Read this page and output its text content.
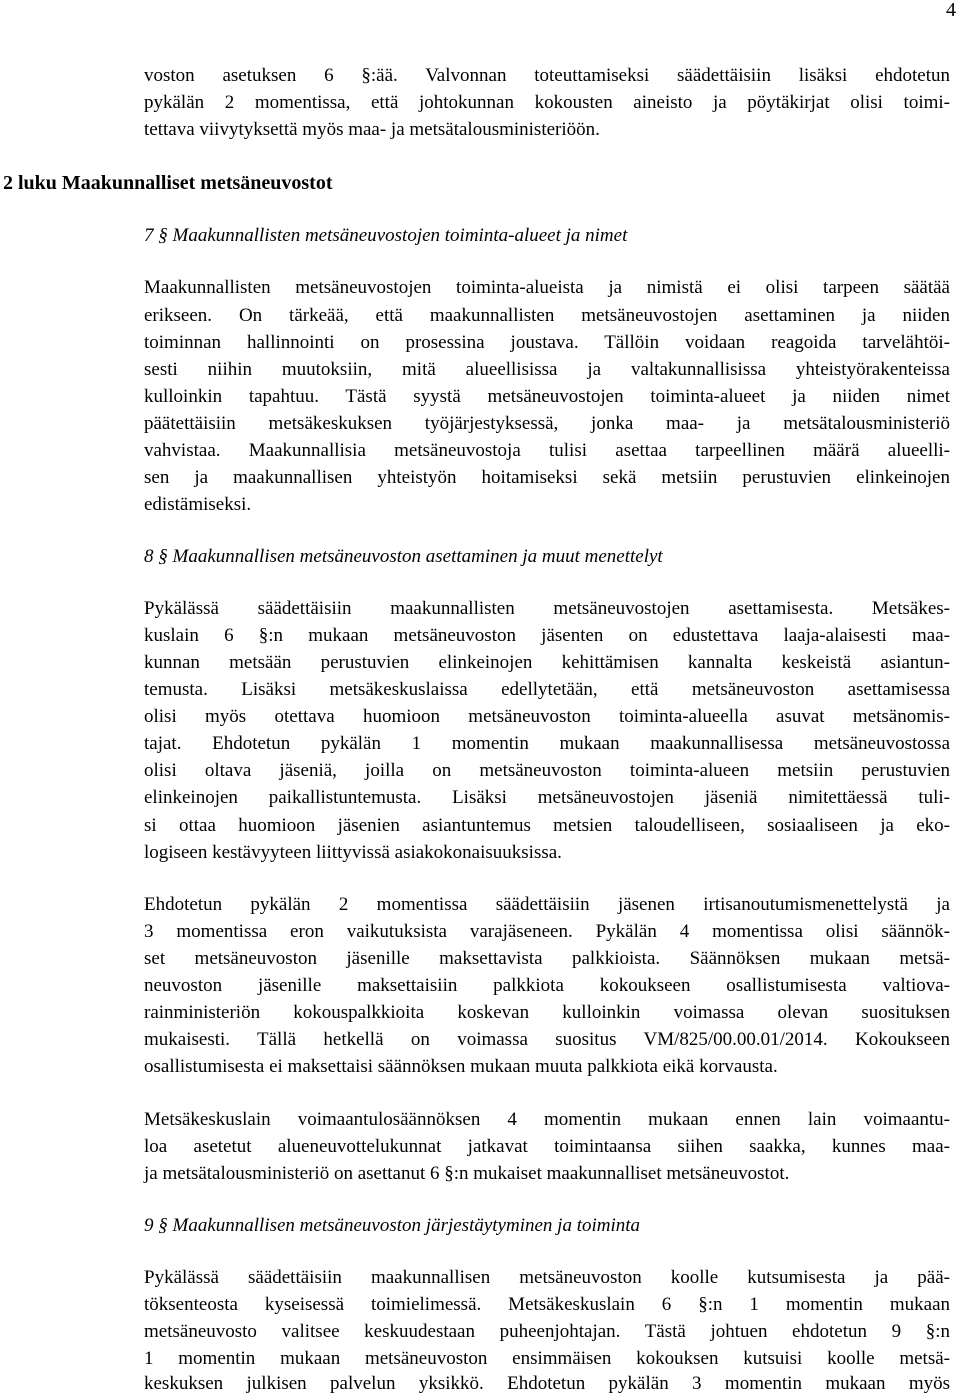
4
voston asetuksen 6 §:ää. Valvonnan toteuttamiseksi säädettäisiin lisäksi ehdotetun
pykälän 2 momentissa, että johtokunnan kokousten aineisto ja pöytäkirjat olisi toimi-
tettava viivytyksettä myös maa- ja metsätalousministeriöön.
2 luku Maakunnalliset metsäneuvostot
7 § Maakunnallisten metsäneuvostojen toiminta-alueet ja nimet
Maakunnallisten metsäneuvostojen toiminta-alueista ja nimistä ei olisi tarpeen säätää
erikseen. On tärkeää, että maakunnallisten metsäneuvostojen asettaminen ja niiden
toiminnan hallinnointi on prosessina joustava. Tällöin voidaan reagoida tarvelähtöi-
sesti niihin muutoksiin, mitä alueellisissa ja valtakunnallisissa yhteistyörakenteissa
kulloinkin tapahtuu. Tästä syystä metsäneuvostojen toiminta-alueet ja niiden nimet
päätettäisiin metsäkeskuksen työjärjestyksessä, jonka maa- ja metsätalousministeriö
vahvistaa. Maakunnallisia metsäneuvostoja tulisi asettaa tarpeellinen määrä alueelli-
sen ja maakunnallisen yhteistyön hoitamiseksi sekä metsiin perustuvien elinkeinojen
edistämiseksi.
8 § Maakunnallisen metsäneuvoston asettaminen ja muut menettelyt
Pykälässä säädettäisiin maakunnallisten metsäneuvostojen asettamisesta. Metsäkes-
kuslain 6 §:n mukaan metsäneuvoston jäsenten on edustettava laaja-alaisesti maa-
kunnan metsään perustuvien elinkeinojen kehittämisen kannalta keskeistä asiantun-
temusta. Lisäksi metsäkeskuslaissa edellytetään, että metsäneuvoston asettamisessa
olisi myös otettava huomioon metsäneuvoston toiminta-alueella asuvat metsänomis-
tajat. Ehdotetun pykälän 1 momentin mukaan maakunnallisessa metsäneuvostossa
olisi oltava jäseniä, joilla on metsäneuvoston toiminta-alueen metsiin perustuvien
elinkeinojen paikallistuntemusta. Lisäksi metsäneuvostojen jäseniä nimitettäessä tuli-
si ottaa huomioon jäsenien asiantuntemus metsien taloudelliseen, sosiaaliseen ja eko-
logiseen kestävyyteen liittyvissä asiakokonaisuuksissa.
Ehdotetun pykälän 2 momentissa säädettäisiin jäsenen irtisanoutumismenettelystä ja
3 momentissa eron vaikutuksista varajäseneen. Pykälän 4 momentissa olisi säännök-
set metsäneuvoston jäsenille maksettavista palkkioista. Säännöksen mukaan metsä-
neuvoston jäsenille maksettaisiin palkkiota kokoukseen osallistumisesta valtiova-
rainministeriön kokouspalkkioita koskevan kulloinkin voimassa olevan suosituksen
mukaisesti. Tällä hetkellä on voimassa suositus VM/825/00.00.01/2014. Kokoukseen
osallistumisesta ei maksettaisi säännöksen mukaan muuta palkkiota eikä korvausta.
Metsäkeskuslain voimaantulosäännöksen 4 momentin mukaan ennen lain voimaantu-
loa asetetut alueneuvottelukunnat jatkavat toimintaansa siihen saakka, kunnes maa-
ja metsätalousministeriö on asettanut 6 §:n mukaiset maakunnalliset metsäneuvostot.
9 § Maakunnallisen metsäneuvoston järjestäytyminen ja toiminta
Pykälässä säädettäisiin maakunnallisen metsäneuvoston koolle kutsumisesta ja pää-
töksenteosta kyseisessä toimielimessä. Metsäkeskuslain 6 §:n 1 momentin mukaan
metsäneuvosto valitsee keskuudestaan puheenjohtajan. Tästä johtuen ehdotetun 9 §:n
1 momentin mukaan metsäneuvoston ensimmäisen kokouksen kutsuisi koolle metsä-
keskuksen julkisen palvelun yksikkö. Ehdotetun pykälän 3 momentin mukaan myös
